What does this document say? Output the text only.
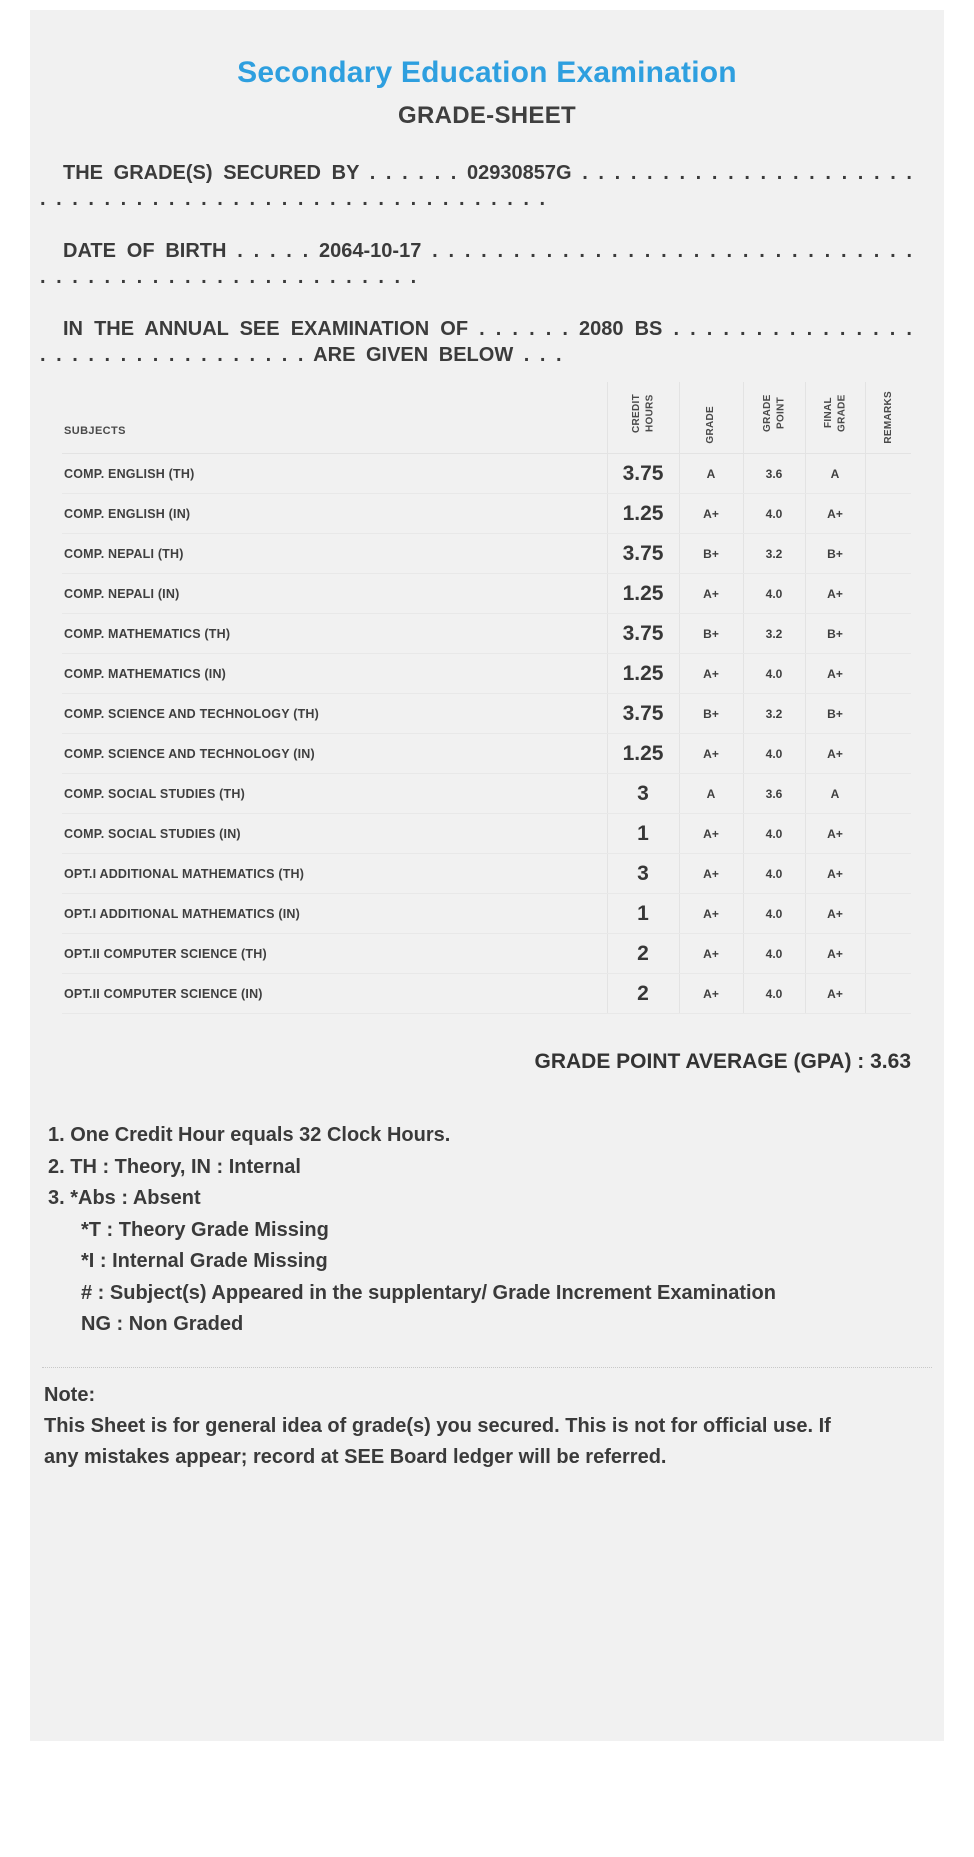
Secondary Education Examination
GRADE-SHEET

THE GRADE(S) SECURED BY . . . . . . 02930857G . . . . . . . . . . . . . . . . . . . . . . . . . . . . . . . . . . . . . . . . . . . . . . . . . . . . .

DATE OF BIRTH . . . . . 2064-10-17 . . . . . . . . . . . . . . . . . . . . . . . . . . . . . . . . . . . . . . . . . . . . . . . . . . . . . .

IN THE ANNUAL SEE EXAMINATION OF . . . . . . 2080 BS . . . . . . . . . . . . . . . . . . . . . . . . . . . . . . . . ARE GIVEN BELOW . . .

SUBJECTS	CREDIT HOURS	GRADE	GRADE POINT	FINAL GRADE	REMARKS
COMP. ENGLISH (TH)	3.75	A	3.6	A	
COMP. ENGLISH (IN)	1.25	A+	4.0	A+	
COMP. NEPALI (TH)	3.75	B+	3.2	B+	
COMP. NEPALI (IN)	1.25	A+	4.0	A+	
COMP. MATHEMATICS (TH)	3.75	B+	3.2	B+	
COMP. MATHEMATICS (IN)	1.25	A+	4.0	A+	
COMP. SCIENCE AND TECHNOLOGY (TH)	3.75	B+	3.2	B+	
COMP. SCIENCE AND TECHNOLOGY (IN)	1.25	A+	4.0	A+	
COMP. SOCIAL STUDIES (TH)	3	A	3.6	A	
COMP. SOCIAL STUDIES (IN)	1	A+	4.0	A+	
OPT.I ADDITIONAL MATHEMATICS (TH)	3	A+	4.0	A+	
OPT.I ADDITIONAL MATHEMATICS (IN)	1	A+	4.0	A+	
OPT.II COMPUTER SCIENCE (TH)	2	A+	4.0	A+	
OPT.II COMPUTER SCIENCE (IN)	2	A+	4.0	A+	
GRADE POINT AVERAGE (GPA) : 3.63
1. One Credit Hour equals 32 Clock Hours.
2. TH : Theory, IN : Internal
3. *Abs : Absent
*T : Theory Grade Missing
*I : Internal Grade Missing
# : Subject(s) Appeared in the supplentary/ Grade Increment Examination
NG : Non Graded
Note:
This Sheet is for general idea of grade(s) you secured. This is not for official use. If any mistakes appear; record at SEE Board ledger will be referred.
